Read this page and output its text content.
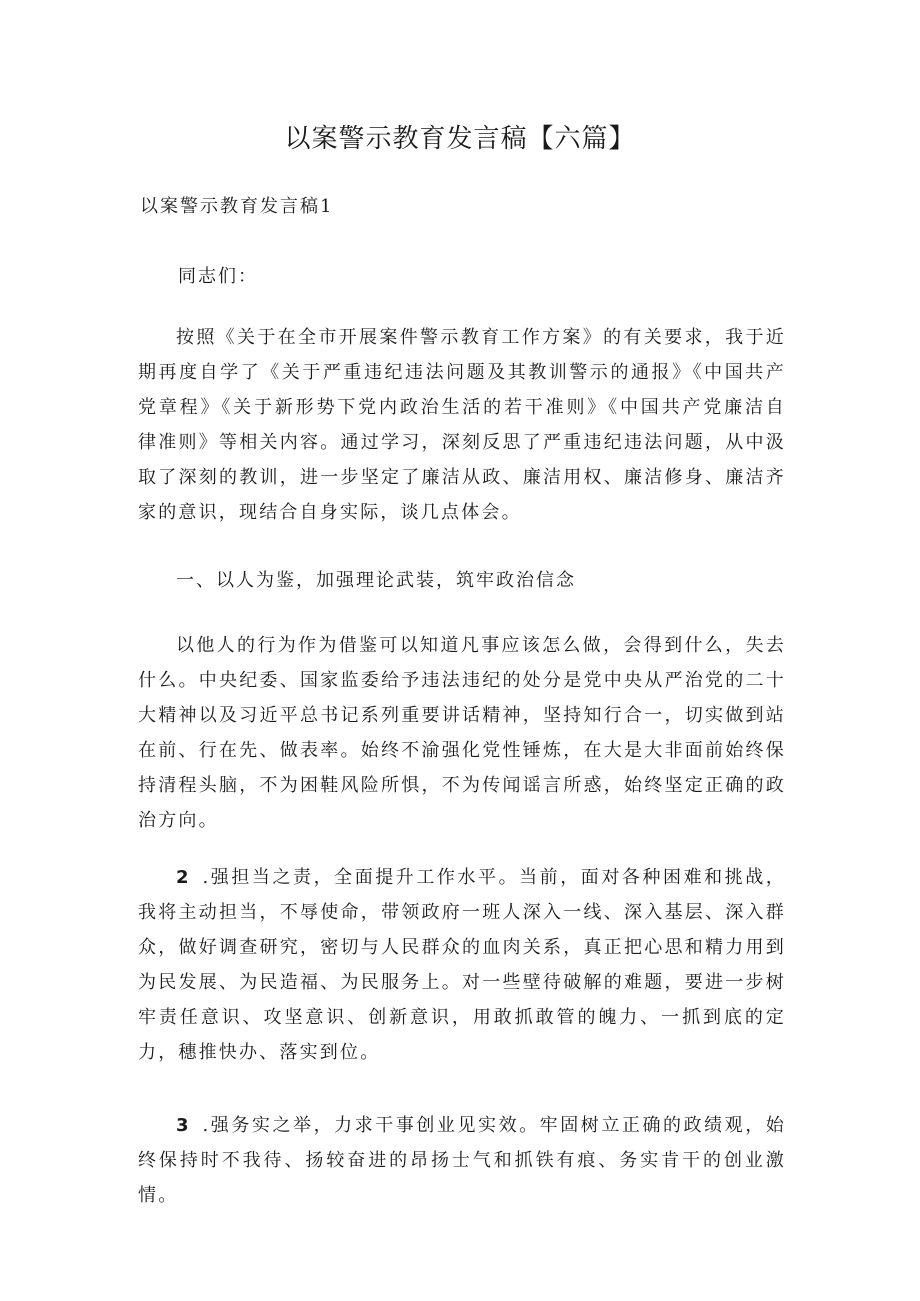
以案警示教育发言稿【六篇】

以案警示教育发言稿1

同志们：

按照《关于在全市开展案件警示教育工作方案》的有关要求，我于近期再度自学了《关于严重违纪违法问题及其教训警示的通报》《中国共产党章程》《关于新形势下党内政治生活的若干准则》《中国共产党廉洁自律准则》等相关内容。通过学习，深刻反思了严重违纪违法问题，从中汲取了深刻的教训，进一步坚定了廉洁从政、廉洁用权、廉洁修身、廉洁齐家的意识，现结合自身实际，谈几点体会。

一、以人为鉴，加强理论武装，筑牢政治信念

以他人的行为作为借鉴可以知道凡事应该怎么做，会得到什么，失去什么。中央纪委、国家监委给予违法违纪的处分是党中央从严治党的二十大精神以及习近平总书记系列重要讲话精神，坚持知行合一，切实做到站在前、行在先、做表率。始终不渝强化党性锤炼，在大是大非面前始终保持清程头脑，不为困鞋风险所惧，不为传闻谣言所惑，始终坚定正确的政治方向。

2 .强担当之责，全面提升工作水平。当前，面对各种困难和挑战，我将主动担当，不辱使命，带领政府一班人深入一线、深入基层、深入群众，做好调查研究，密切与人民群众的血肉关系，真正把心思和精力用到为民发展、为民造福、为民服务上。对一些壁待破解的难题，要进一步树牢责任意识、攻坚意识、创新意识，用敢抓敢管的魄力、一抓到底的定力，穗推快办、落实到位。

3 .强务实之举，力求干事创业见实效。牢固树立正确的政绩观，始终保持时不我待、扬较奋进的昂扬士气和抓铁有痕、务实肯干的创业激情。
